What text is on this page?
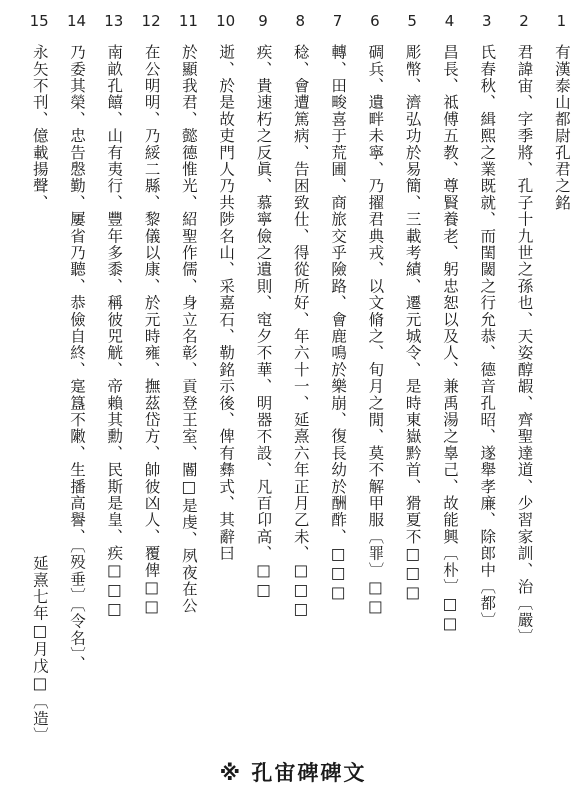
1
2
3
4
5
6
7
8
9
10
11
12
13
14
15
有漢泰山都尉孔君之銘
君諱宙、字季將、孔子十九世之孫也、天姿醇嘏、齊聖達道、少習家訓、治〔嚴〕
氏春秋、緝熙之業既就、而閨閾之行允恭、德音孔昭、遂舉孝廉、除郎中〔都〕
昌長、祗傅五教、尊賢養老、躬忠恕以及人、兼禹湯之辠己、故能興〔朴〕□□
彫幣、濟弘功於易簡、三載考績、遷元城令、是時東嶽黔首、猾夏不□□□
碉兵、遺畔未寧、乃擢君典戎、以文脩之、旬月之閒、莫不解甲服〔罪〕□□
轉、田畯喜于荒圃、商旅交乎險路、會鹿鳴於樂崩、復長幼於酬酢、□□□
稔、會遭篤病、告困致仕、得從所好、年六十一、延熹六年正月乙未、□□□
疾、貴速朽之反眞、慕寧儉之遺則、窀夕不華、明器不設、凡百卬高、□□
逝、於是故吏門人乃共陟名山、采嘉石、勒銘示後、俾有彝式、其辭曰
於顯我君、懿德惟光、紹聖作儒、身立名彰、貢登王室、閽□是虔、夙夜在公
在公明明、乃綏二縣、黎儀以康、於元時雍、撫茲岱方、帥彼凶人、覆俾□□
南畝孔饎、山有夷行、豐年多黍、稱彼兕觥、帝賴其勳、民斯是皇、疾□□□
乃委其榮、忠告慇勤、屢省乃聽、恭儉自終、寔簋不敶、生播高譽、〔殁垂〕〔令名〕、
永矢不刊、億載揚聲、
延熹七年□月戊□〔造〕
※ 孔宙碑碑文
